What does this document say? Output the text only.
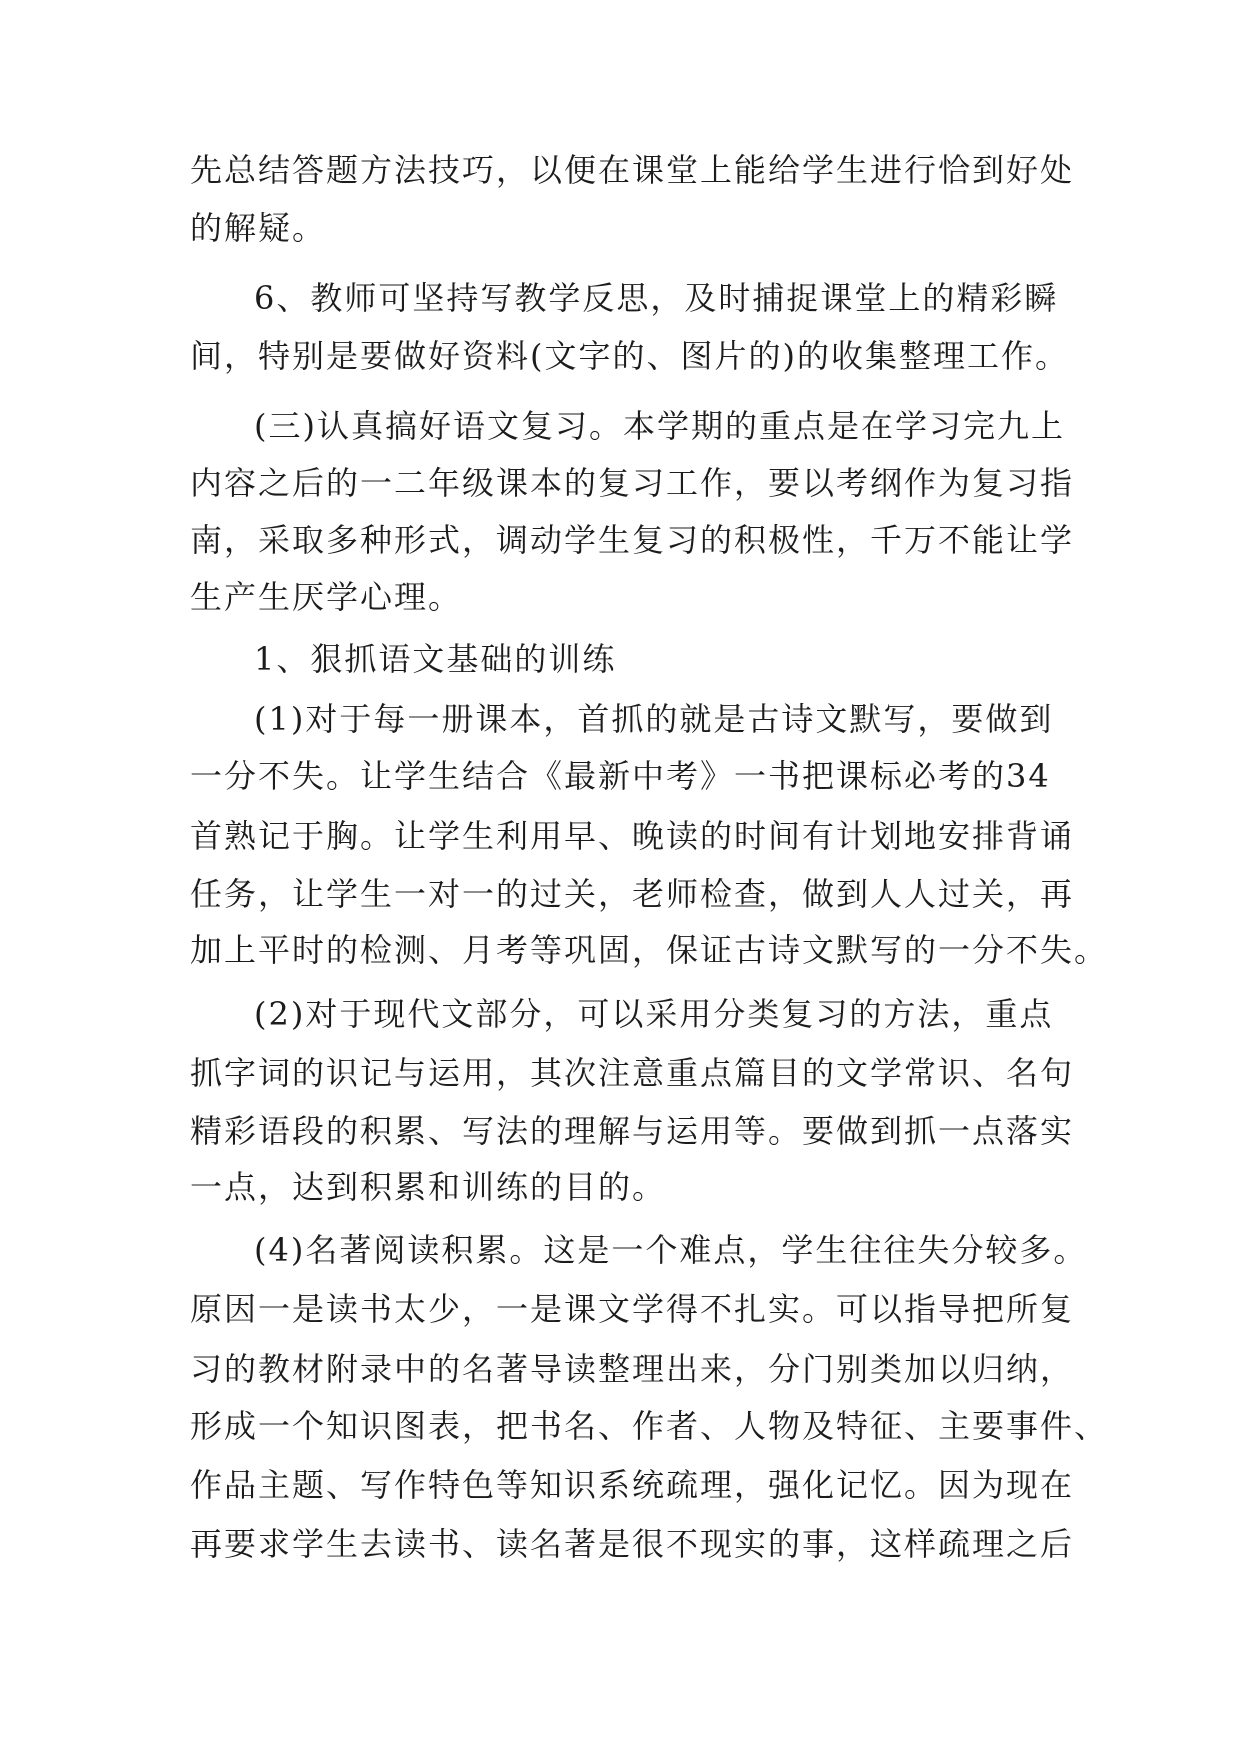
先总结答题方法技巧，以便在课堂上能给学生进行恰到好处
的解疑。
6、教师可坚持写教学反思，及时捕捉课堂上的精彩瞬
间，特别是要做好资料(文字的、图片的)的收集整理工作。
(三)认真搞好语文复习。本学期的重点是在学习完九上
内容之后的一二年级课本的复习工作，要以考纲作为复习指
南，采取多种形式，调动学生复习的积极性，千万不能让学
生产生厌学心理。
1、狠抓语文基础的训练
(1)对于每一册课本，首抓的就是古诗文默写，要做到
一分不失。让学生结合《最新中考》一书把课标必考的34
首熟记于胸。让学生利用早、晚读的时间有计划地安排背诵
任务，让学生一对一的过关，老师检查，做到人人过关，再
加上平时的检测、月考等巩固，保证古诗文默写的一分不失。
(2)对于现代文部分，可以采用分类复习的方法，重点
抓字词的识记与运用，其次注意重点篇目的文学常识、名句
精彩语段的积累、写法的理解与运用等。要做到抓一点落实
一点，达到积累和训练的目的。
(4)名著阅读积累。这是一个难点，学生往往失分较多。
原因一是读书太少，一是课文学得不扎实。可以指导把所复
习的教材附录中的名著导读整理出来，分门别类加以归纳，
形成一个知识图表，把书名、作者、人物及特征、主要事件、
作品主题、写作特色等知识系统疏理，强化记忆。因为现在
再要求学生去读书、读名著是很不现实的事，这样疏理之后
